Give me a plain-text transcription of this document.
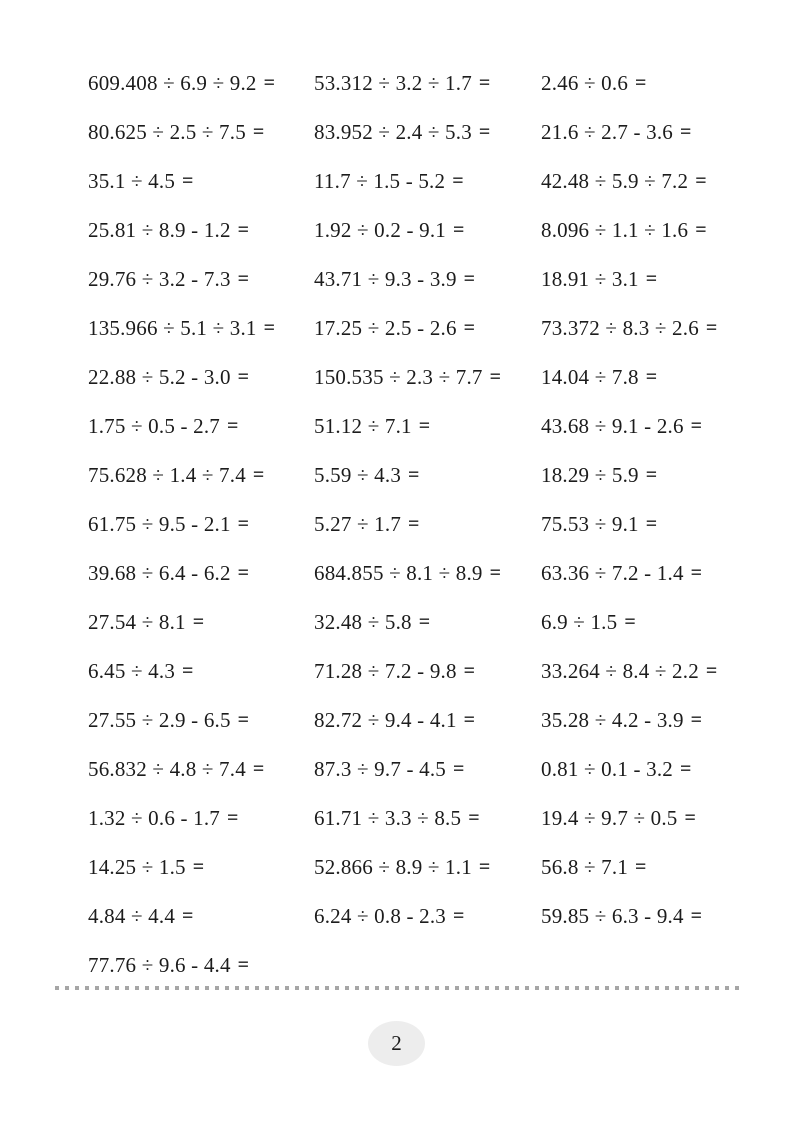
609.408 ÷ 6.9 ÷ 9.2 = 53.312 ÷ 3.2 ÷ 1.7 = 2.46 ÷ 0.6 =
80.625 ÷ 2.5 ÷ 7.5 = 83.952 ÷ 2.4 ÷ 5.3 = 21.6 ÷ 2.7 - 3.6 =
35.1 ÷ 4.5 =	11.7 ÷ 1.5 - 5.2 =	42.48 ÷ 5.9 ÷ 7.2 =
25.81 ÷ 8.9 - 1.2 =	1.92 ÷ 0.2 - 9.1 =	8.096 ÷ 1.1 ÷ 1.6 =
29.76 ÷ 3.2 - 7.3 =	43.71 ÷ 9.3 - 3.9 =	18.91 ÷ 3.1 =
135.966 ÷ 5.1 ÷ 3.1 = 17.25 ÷ 2.5 - 2.6 =	73.372 ÷ 8.3 ÷ 2.6 =
22.88 ÷ 5.2 - 3.0 =	150.535 ÷ 2.3 ÷ 7.7 = 14.04 ÷ 7.8 =
1.75 ÷ 0.5 - 2.7 =	51.12 ÷ 7.1 =	43.68 ÷ 9.1 - 2.6 =
75.628 ÷ 1.4 ÷ 7.4 = 5.59 ÷ 4.3 =	18.29 ÷ 5.9 =
61.75 ÷ 9.5 - 2.1 =	5.27 ÷ 1.7 =	75.53 ÷ 9.1 =
39.68 ÷ 6.4 - 6.2 =	684.855 ÷ 8.1 ÷ 8.9 = 63.36 ÷ 7.2 - 1.4 =
27.54 ÷ 8.1 =	32.48 ÷ 5.8 =	6.9 ÷ 1.5 =
6.45 ÷ 4.3 =	71.28 ÷ 7.2 - 9.8 =	33.264 ÷ 8.4 ÷ 2.2 =
27.55 ÷ 2.9 - 6.5 =	82.72 ÷ 9.4 - 4.1 =	35.28 ÷ 4.2 - 3.9 =
56.832 ÷ 4.8 ÷ 7.4 = 87.3 ÷ 9.7 - 4.5 =	0.81 ÷ 0.1 - 3.2 =
1.32 ÷ 0.6 - 1.7 =	61.71 ÷ 3.3 ÷ 8.5 =	19.4 ÷ 9.7 ÷ 0.5 =
14.25 ÷ 1.5 =	52.866 ÷ 8.9 ÷ 1.1 = 56.8 ÷ 7.1 =
4.84 ÷ 4.4 =	6.24 ÷ 0.8 - 2.3 =	59.85 ÷ 6.3 - 9.4 =
77.76 ÷ 9.6 - 4.4 =
2
